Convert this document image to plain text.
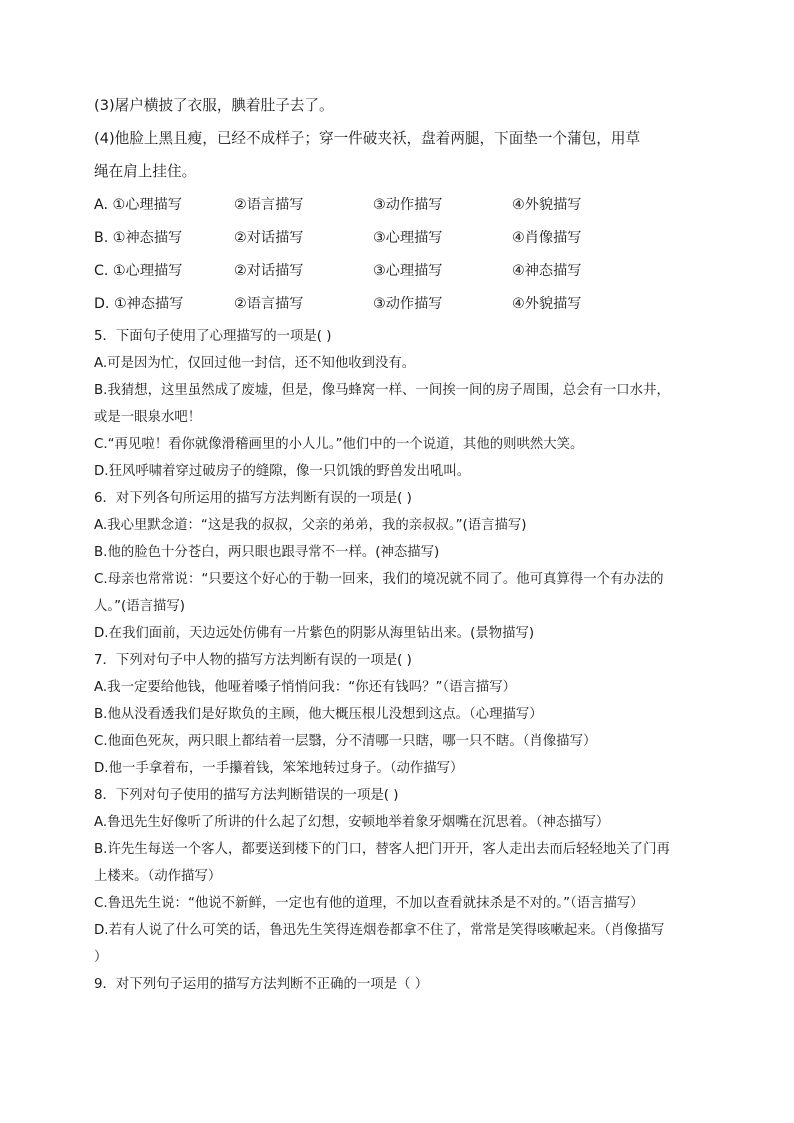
(3)屠户横披了衣服，腆着肚子去了。
(4)他脸上黑且瘦，已经不成样子；穿一件破夹袄，盘着两腿，下面垫一个蒲包，用草
绳在肩上挂住。
A. ①心理描写	②语言描写	③动作描写	④外貌描写
B. ①神态描写	②对话描写	③心理描写	④肖像描写
C. ①心理描写	②对话描写	③心理描写	④神态描写
D. ①神态描写	②语言描写	③动作描写	④外貌描写
5．下面句子使用了心理描写的一项是( )
A.可是因为忙，仅回过他一封信，还不知他收到没有。
B.我猜想，这里虽然成了废墟，但是，像马蜂窝一样、一间挨一间的房子周围，总会有一口水井，
或是一眼泉水吧！
C.“再见啦！看你就像滑稽画里的小人儿。”他们中的一个说道，其他的则哄然大笑。
D.狂风呼啸着穿过破房子的缝隙，像一只饥饿的野兽发出吼叫。
6．对下列各句所运用的描写方法判断有误的一项是( )
A.我心里默念道：“这是我的叔叔，父亲的弟弟，我的亲叔叔。”(语言描写)
B.他的脸色十分苍白，两只眼也跟寻常不一样。(神态描写)
C.母亲也常常说：“只要这个好心的于勒一回来，我们的境况就不同了。他可真算得一个有办法的
人。”(语言描写)
D.在我们面前，天边远处仿佛有一片紫色的阴影从海里钻出来。(景物描写)
7．下列对句子中人物的描写方法判断有误的一项是( )
A.我一定要给他钱，他哑着嗓子悄悄问我：“你还有钱吗？”（语言描写）
B.他从没看透我们是好欺负的主顾，他大概压根儿没想到这点。（心理描写）
C.他面色死灰，两只眼上都结着一层翳，分不清哪一只瞎，哪一只不瞎。（肖像描写）
D.他一手拿着布，一手攥着钱，笨笨地转过身子。（动作描写）
8．下列对句子使用的描写方法判断错误的一项是( )
A.鲁迅先生好像听了所讲的什么起了幻想，安顿地举着象牙烟嘴在沉思着。（神态描写）
B.许先生每送一个客人，都要送到楼下的门口，替客人把门开开，客人走出去而后轻轻地关了门再
上楼来。（动作描写）
C.鲁迅先生说：“他说不新鲜，一定也有他的道理，不加以查看就抹杀是不对的。”（语言描写）
D.若有人说了什么可笑的话，鲁迅先生笑得连烟卷都拿不住了，常常是笑得咳嗽起来。（肖像描写
）
9．对下列句子运用的描写方法判断不正确的一项是（ ）
